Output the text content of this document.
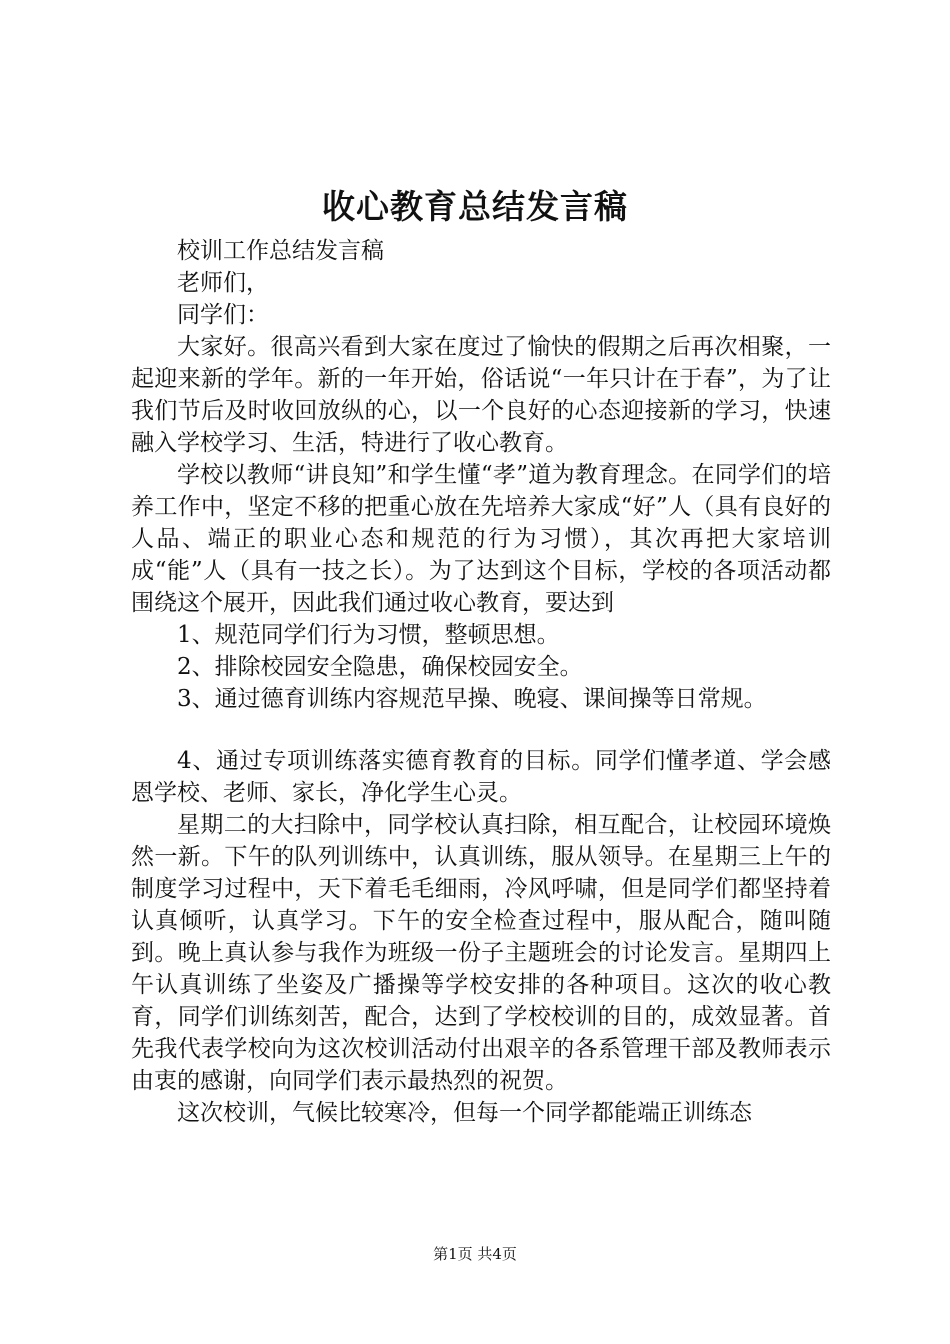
收心教育总结发言稿

校训工作总结发言稿

老师们，

同学们：

大家好。很高兴看到大家在度过了愉快的假期之后再次相聚，一起迎来新的学年。新的一年开始，俗话说“一年只计在于春”，为了让我们节后及时收回放纵的心，以一个良好的心态迎接新的学习，快速融入学校学习、生活，特进行了收心教育。

学校以教师“讲良知”和学生懂“孝”道为教育理念。在同学们的培养工作中，坚定不移的把重心放在先培养大家成“好”人（具有良好的人品、端正的职业心态和规范的行为习惯），其次再把大家培训成“能”人（具有一技之长）。为了达到这个目标，学校的各项活动都围绕这个展开，因此我们通过收心教育，要达到

1、规范同学们行为习惯，整顿思想。

2、排除校园安全隐患，确保校园安全。

3、通过德育训练内容规范早操、晚寝、课间操等日常规。

4、通过专项训练落实德育教育的目标。同学们懂孝道、学会感恩学校、老师、家长，净化学生心灵。

星期二的大扫除中，同学校认真扫除，相互配合，让校园环境焕然一新。下午的队列训练中，认真训练，服从领导。在星期三上午的制度学习过程中，天下着毛毛细雨，冷风呼啸，但是同学们都坚持着认真倾听，认真学习。下午的安全检查过程中，服从配合，随叫随到。晚上真认参与我作为班级一份子主题班会的讨论发言。星期四上午认真训练了坐姿及广播操等学校安排的各种项目。这次的收心教育，同学们训练刻苦，配合，达到了学校校训的目的，成效显著。首先我代表学校向为这次校训活动付出艰辛的各系管理干部及教师表示由衷的感谢，向同学们表示最热烈的祝贺。

这次校训，气候比较寒冷，但每一个同学都能端正训练态

第1页 共4页
